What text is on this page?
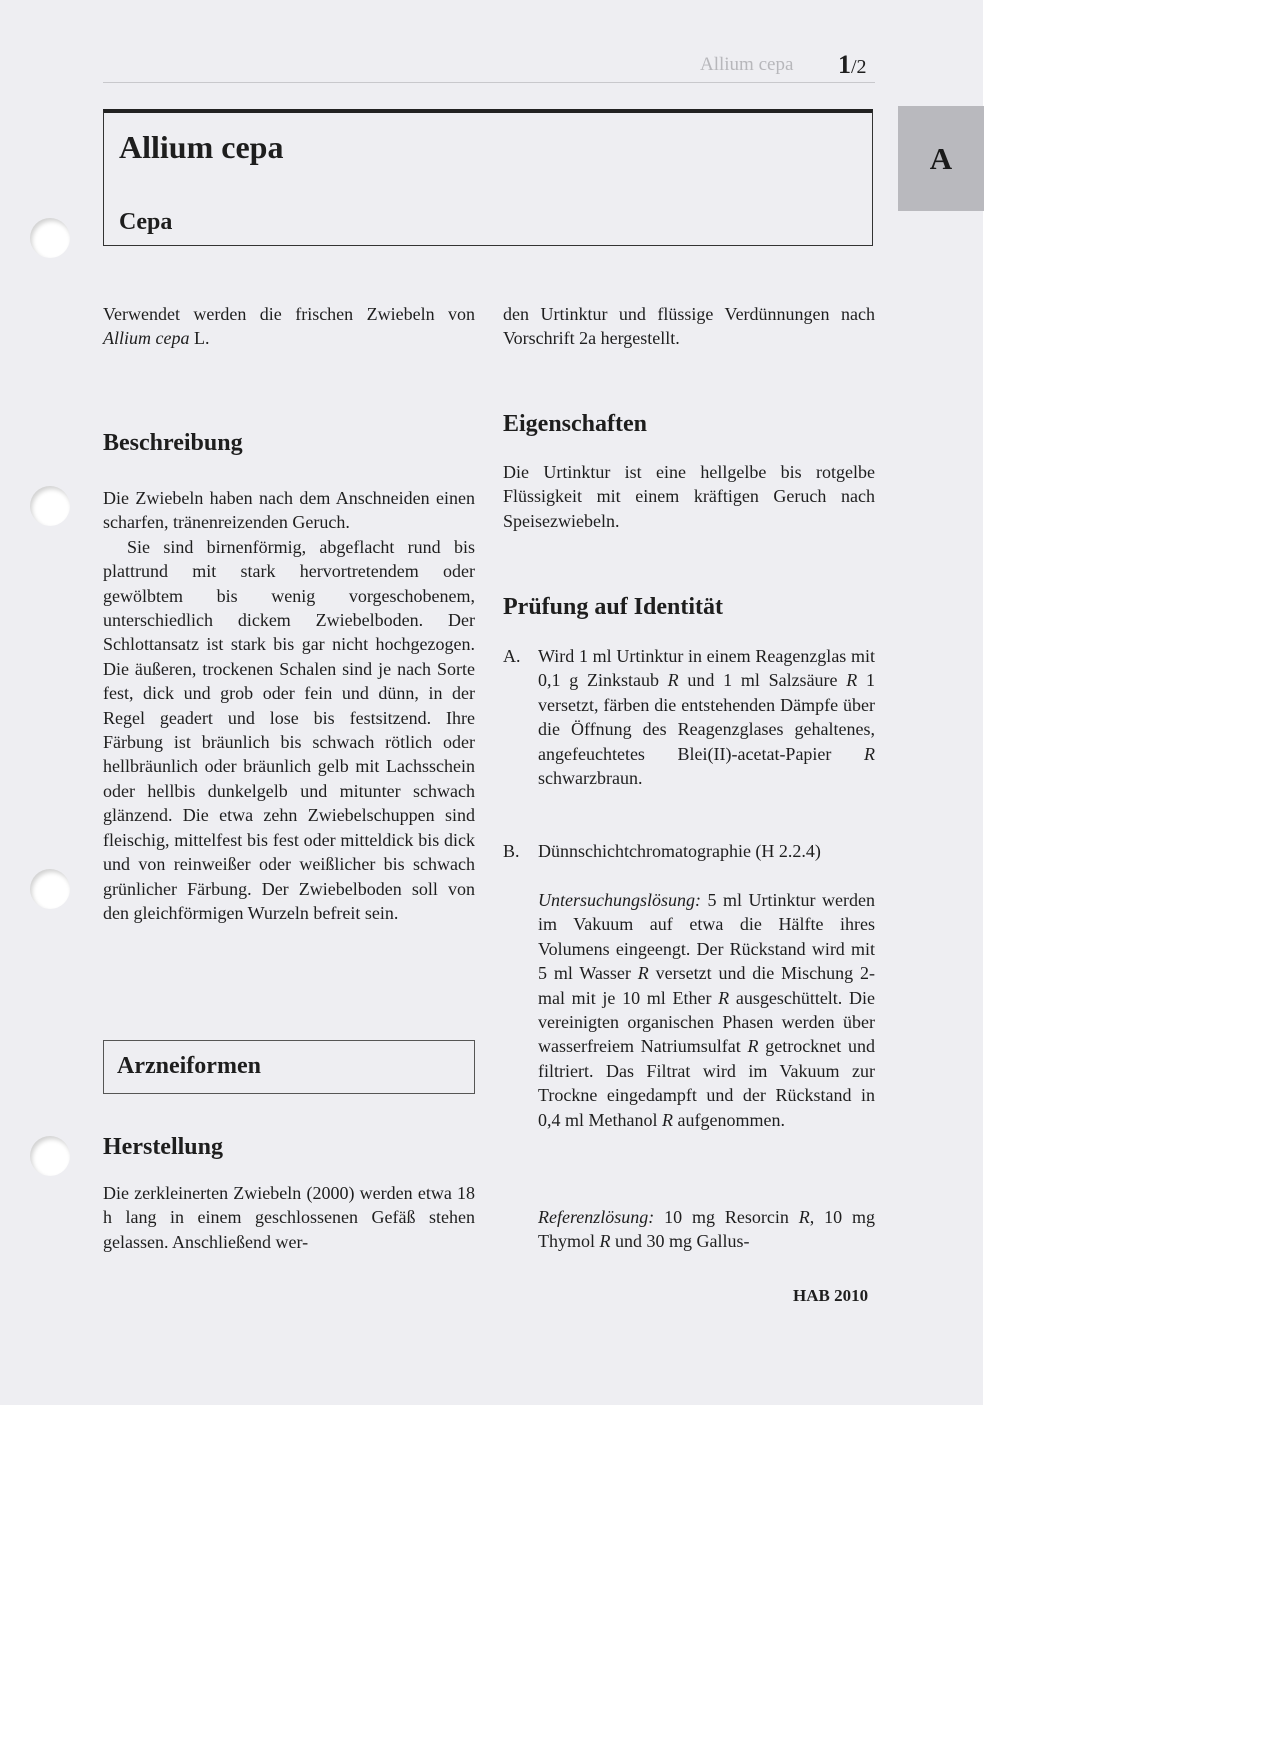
Allium cepa 1/2
A
Allium cepa
Cepa

Verwendet werden die frischen Zwiebeln von Allium cepa L.

Beschreibung

Die Zwiebeln haben nach dem Anschneiden einen scharfen, tränenreizenden Geruch.

Sie sind birnenförmig, abgeflacht rund bis plattrund mit stark hervortretendem oder gewölbtem bis wenig vorgeschobenem, unterschiedlich dickem Zwiebelboden. Der Schlottansatz ist stark bis gar nicht hochgezogen. Die äußeren, trockenen Schalen sind je nach Sorte fest, dick und grob oder fein und dünn, in der Regel geadert und lose bis festsitzend. Ihre Färbung ist bräunlich bis schwach rötlich oder hellbräunlich oder bräunlich gelb mit Lachsschein oder hellbis dunkelgelb und mitunter schwach glänzend. Die etwa zehn Zwiebelschuppen sind fleischig, mittelfest bis fest oder mitteldick bis dick und von reinweißer oder weißlicher bis schwach grünlicher Färbung. Der Zwiebelboden soll von den gleichförmigen Wurzeln befreit sein.

Arzneiformen
Herstellung

Die zerkleinerten Zwiebeln (2000) werden etwa 18 h lang in einem geschlossenen Gefäß stehen gelassen. Anschließend wer-

den Urtinktur und flüssige Verdünnungen nach Vorschrift 2a hergestellt.

Eigenschaften

Die Urtinktur ist eine hellgelbe bis rotgelbe Flüssigkeit mit einem kräftigen Geruch nach Speisezwiebeln.

Prüfung auf Identität
A. Wird 1 ml Urtinktur in einem Reagenzglas mit 0,1 g Zinkstaub R und 1 ml Salzsäure R 1 versetzt, färben die entstehenden Dämpfe über die Öffnung des Reagenzglases gehaltenes, angefeuchtetes Blei(II)-acetat-Papier R schwarzbraun.
B. Dünnschichtchromatographie (H 2.2.4)

Untersuchungslösung: 5 ml Urtinktur werden im Vakuum auf etwa die Hälfte ihres Volumens eingeengt. Der Rückstand wird mit 5 ml Wasser R versetzt und die Mischung 2-mal mit je 10 ml Ether R ausgeschüttelt. Die vereinigten organischen Phasen werden über wasserfreiem Natriumsulfat R getrocknet und filtriert. Das Filtrat wird im Vakuum zur Trockne eingedampft und der Rückstand in 0,4 ml Methanol R aufgenommen.

Referenzlösung: 10 mg Resorcin R, 10 mg Thymol R und 30 mg Gallus-

HAB 2010
